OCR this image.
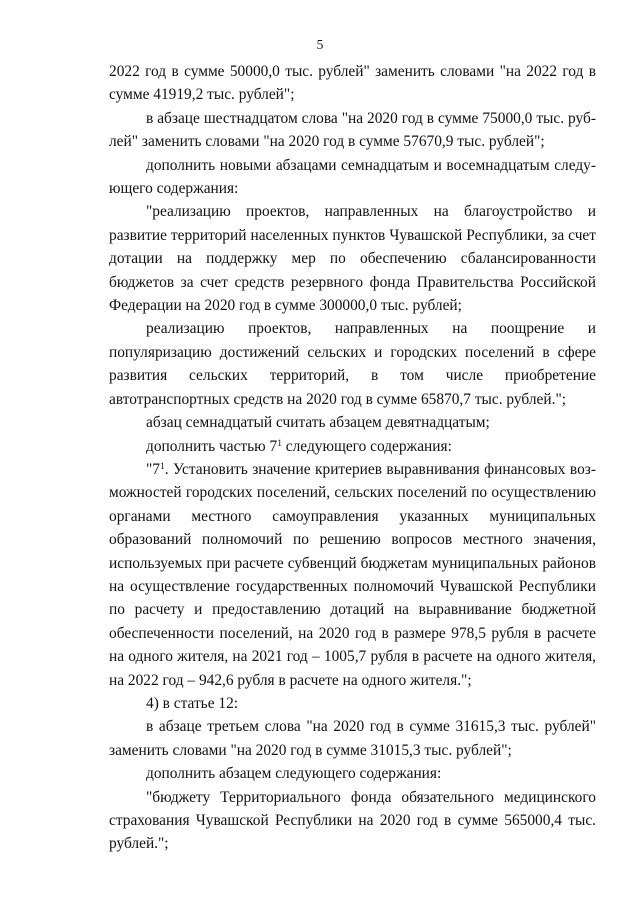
5

2022 год в сумме 50000,0 тыс. рублей" заменить словами "на 2022 год в сумме 41919,2 тыс. рублей";

в абзаце шестнадцатом слова "на 2020 год в сумме 75000,0 тыс. рублей" заменить словами "на 2020 год в сумме 57670,9 тыс. рублей";

дополнить новыми абзацами семнадцатым и восемнадцатым следующего содержания:

"реализацию проектов, направленных на благоустройство и развитие территорий населенных пунктов Чувашской Республики, за счет дотации на поддержку мер по обеспечению сбалансированности бюджетов за счет средств резервного фонда Правительства Российской Федерации на 2020 год в сумме 300000,0 тыс. рублей;

реализацию проектов, направленных на поощрение и популяризацию достижений сельских и городских поселений в сфере развития сельских территорий, в том числе приобретение автотранспортных средств на 2020 год в сумме 65870,7 тыс. рублей.";

абзац семнадцатый считать абзацем девятнадцатым;

дополнить частью $7^1$ следующего содержания:

"$7^1$. Установить значение критериев выравнивания финансовых возможностей городских поселений, сельских поселений по осуществлению органами местного самоуправления указанных муниципальных образований полномочий по решению вопросов местного значения, используемых при расчете субвенций бюджетам муниципальных районов на осуществление государственных полномочий Чувашской Республики по расчету и предоставлению дотаций на выравнивание бюджетной обеспеченности поселений, на 2020 год в размере 978,5 рубля в расчете на одного жителя, на 2021 год – 1005,7 рубля в расчете на одного жителя, на 2022 год – 942,6 рубля в расчете на одного жителя.";

4) в статье 12:

в абзаце третьем слова "на 2020 год в сумме 31615,3 тыс. рублей" заменить словами "на 2020 год в сумме 31015,3 тыс. рублей";

дополнить абзацем следующего содержания:

"бюджету Территориального фонда обязательного медицинского страхования Чувашской Республики на 2020 год в сумме 565000,4 тыс. рублей.";
